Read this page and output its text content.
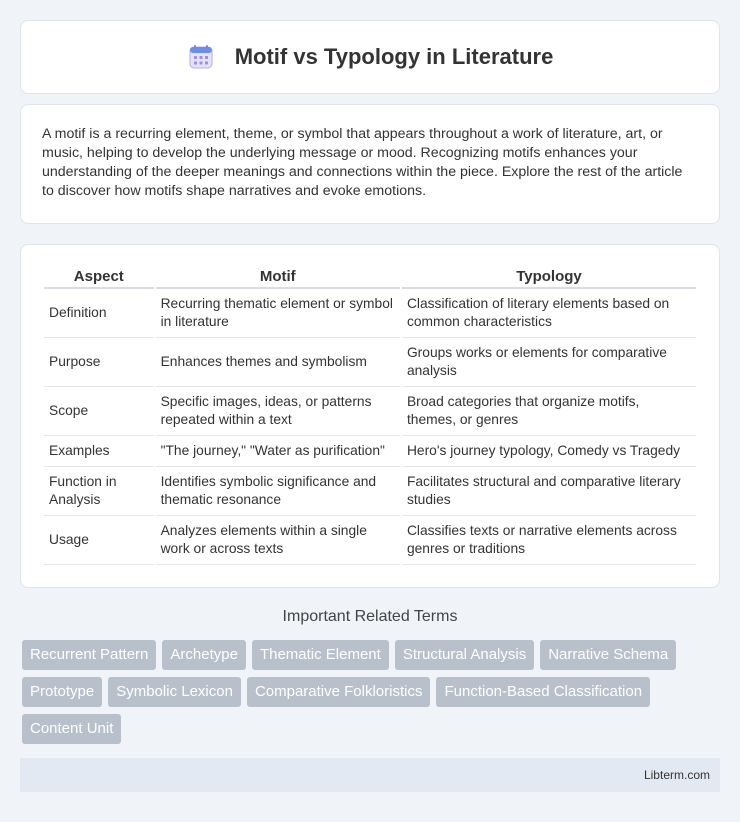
Motif vs Typology in Literature

A motif is a recurring element, theme, or symbol that appears throughout a work of literature, art, or music, helping to develop the underlying message or mood. Recognizing motifs enhances your understanding of the deeper meanings and connections within the piece. Explore the rest of the article to discover how motifs shape narratives and evoke emotions.

Aspect	Motif	Typology
Definition	Recurring thematic element or symbol in literature	Classification of literary elements based on common characteristics
Purpose	Enhances themes and symbolism	Groups works or elements for comparative analysis
Scope	Specific images, ideas, or patterns repeated within a text	Broad categories that organize motifs, themes, or genres
Examples	"The journey," "Water as purification"	Hero's journey typology, Comedy vs Tragedy
Function in Analysis	Identifies symbolic significance and thematic resonance	Facilitates structural and comparative literary studies
Usage	Analyzes elements within a single work or across texts	Classifies texts or narrative elements across genres or traditions
Important Related Terms
Recurrent Pattern	Archetype	Thematic Element	Structural Analysis	Narrative Schema
Prototype	Symbolic Lexicon	Comparative Folkloristics	Function-Based Classification
Content Unit
Libterm.com
